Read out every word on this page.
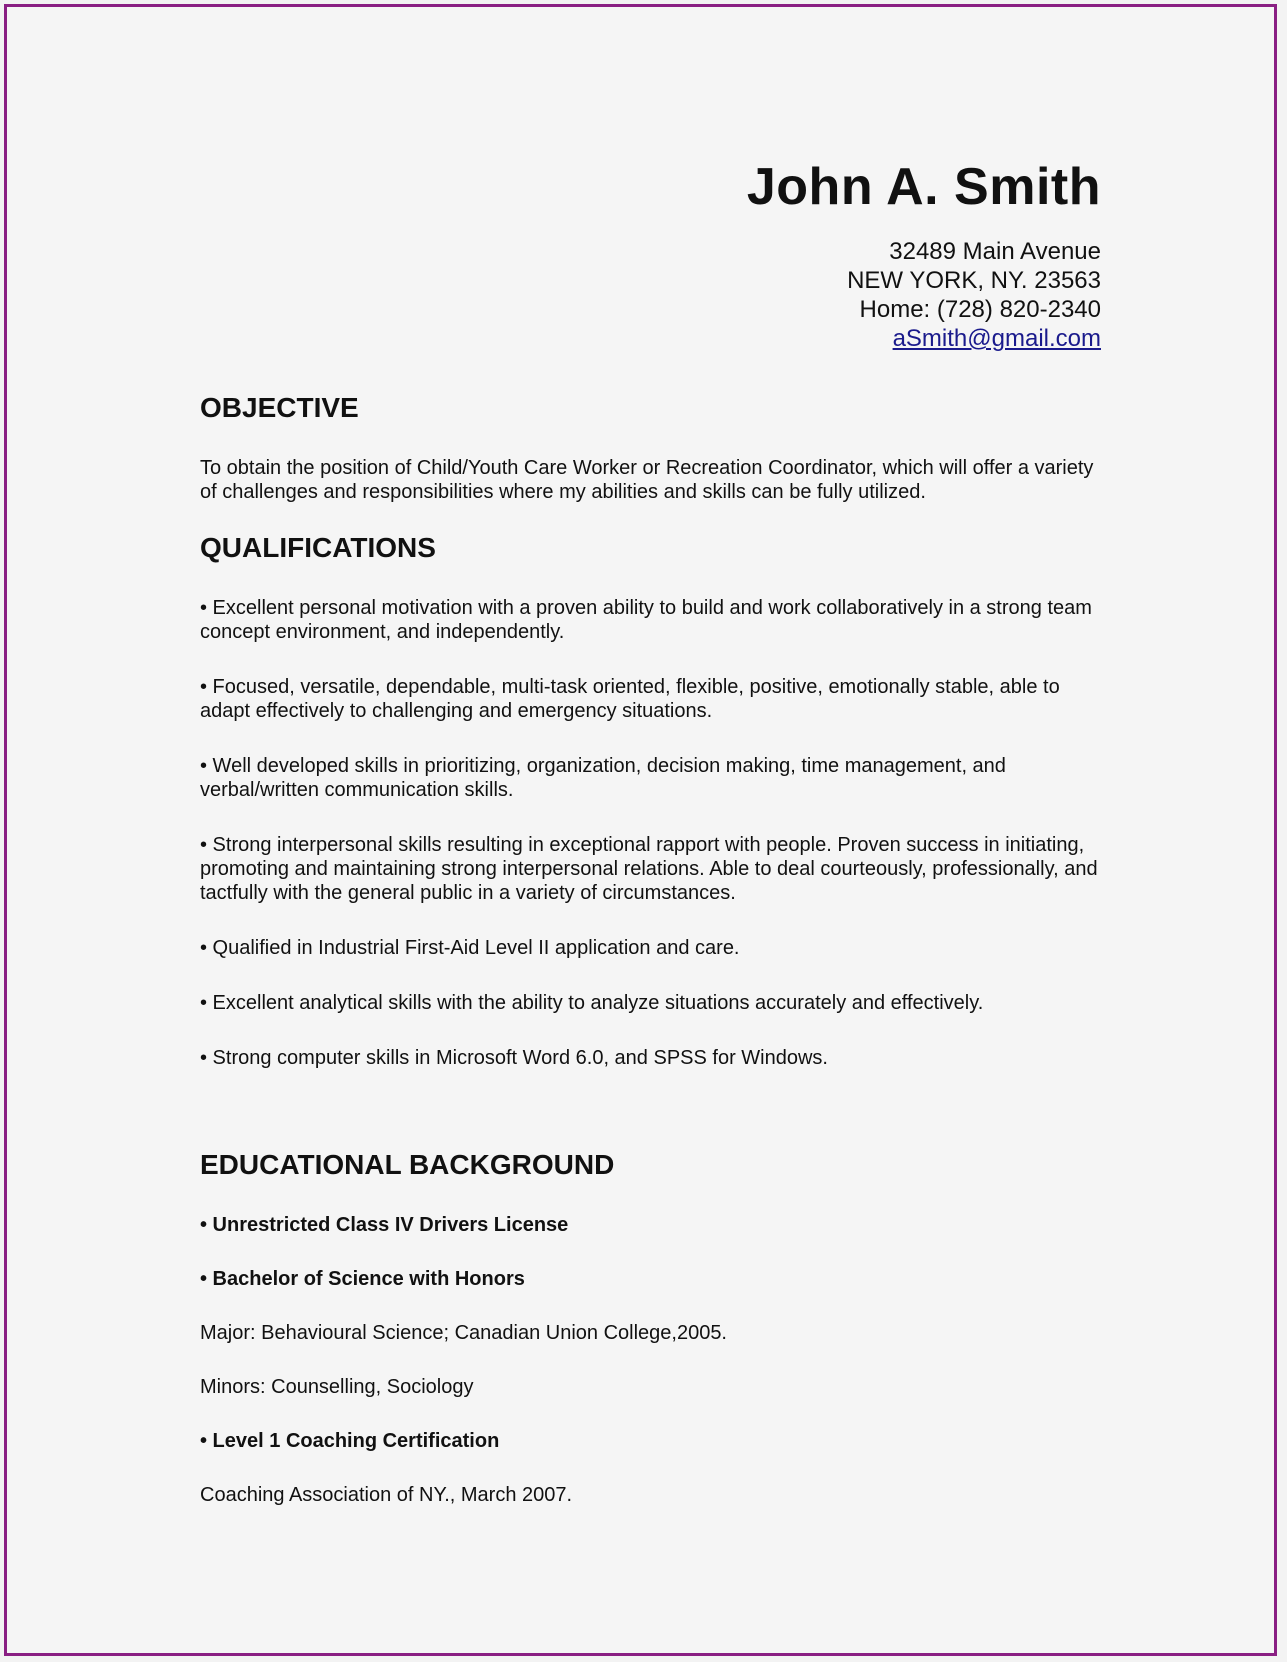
John A. Smith
32489 Main Avenue
NEW YORK, NY. 23563
Home: (728) 820-2340
aSmith@gmail.com
OBJECTIVE

To obtain the position of Child/Youth Care Worker or Recreation Coordinator, which will offer a variety of challenges and responsibilities where my abilities and skills can be fully utilized.

QUALIFICATIONS

• Excellent personal motivation with a proven ability to build and work collaboratively in a strong team concept environment, and independently.

• Focused, versatile, dependable, multi-task oriented, flexible, positive, emotionally stable, able to adapt effectively to challenging and emergency situations.

• Well developed skills in prioritizing, organization, decision making, time management, and verbal/written communication skills.

• Strong interpersonal skills resulting in exceptional rapport with people. Proven success in initiating, promoting and maintaining strong interpersonal relations. Able to deal courteously, professionally, and tactfully with the general public in a variety of circumstances.

• Qualified in Industrial First-Aid Level II application and care.

• Excellent analytical skills with the ability to analyze situations accurately and effectively.

• Strong computer skills in Microsoft Word 6.0, and SPSS for Windows.

EDUCATIONAL BACKGROUND

• Unrestricted Class IV Drivers License

• Bachelor of Science with Honors

Major: Behavioural Science; Canadian Union College,2005.

Minors: Counselling, Sociology

• Level 1 Coaching Certification

Coaching Association of NY., March 2007.
